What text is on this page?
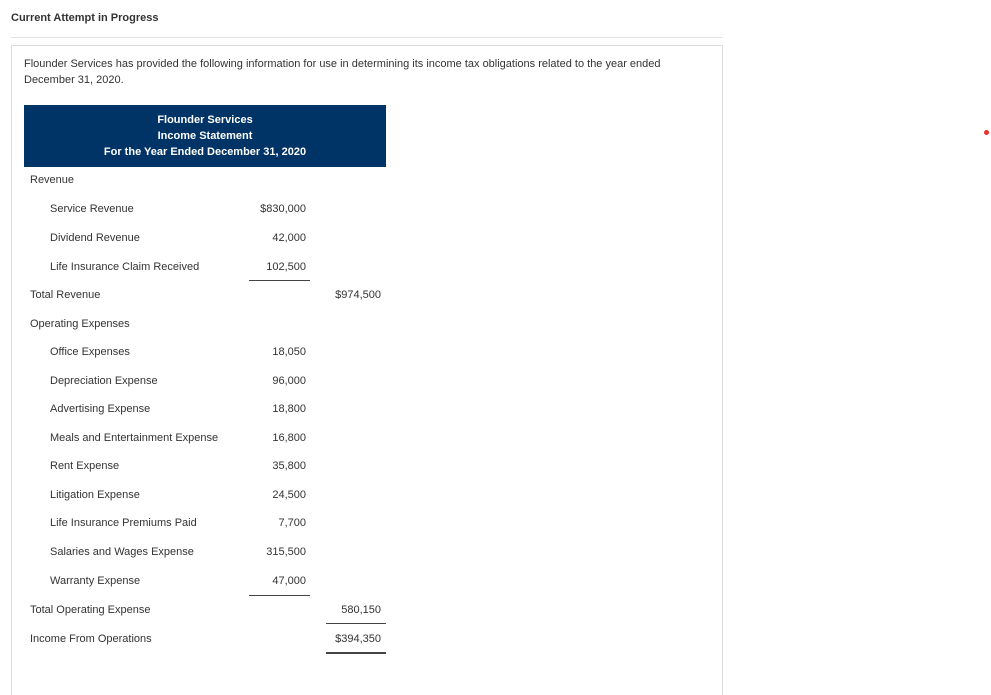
Current Attempt in Progress
Flounder Services has provided the following information for use in determining its income tax obligations related to the year ended December 31, 2020.
Flounder Services
Income Statement
For the Year Ended December 31, 2020
Revenue
Service Revenue	$830,000
Dividend Revenue	42,000
Life Insurance Claim Received	102,500
Total Revenue	$974,500
Operating Expenses
Office Expenses	18,050
Depreciation Expense	96,000
Advertising Expense	18,800
Meals and Entertainment Expense	16,800
Rent Expense	35,800
Litigation Expense	24,500
Life Insurance Premiums Paid	7,700
Salaries and Wages Expense	315,500
Warranty Expense	47,000
Total Operating Expense	580,150
Income From Operations	$394,350
